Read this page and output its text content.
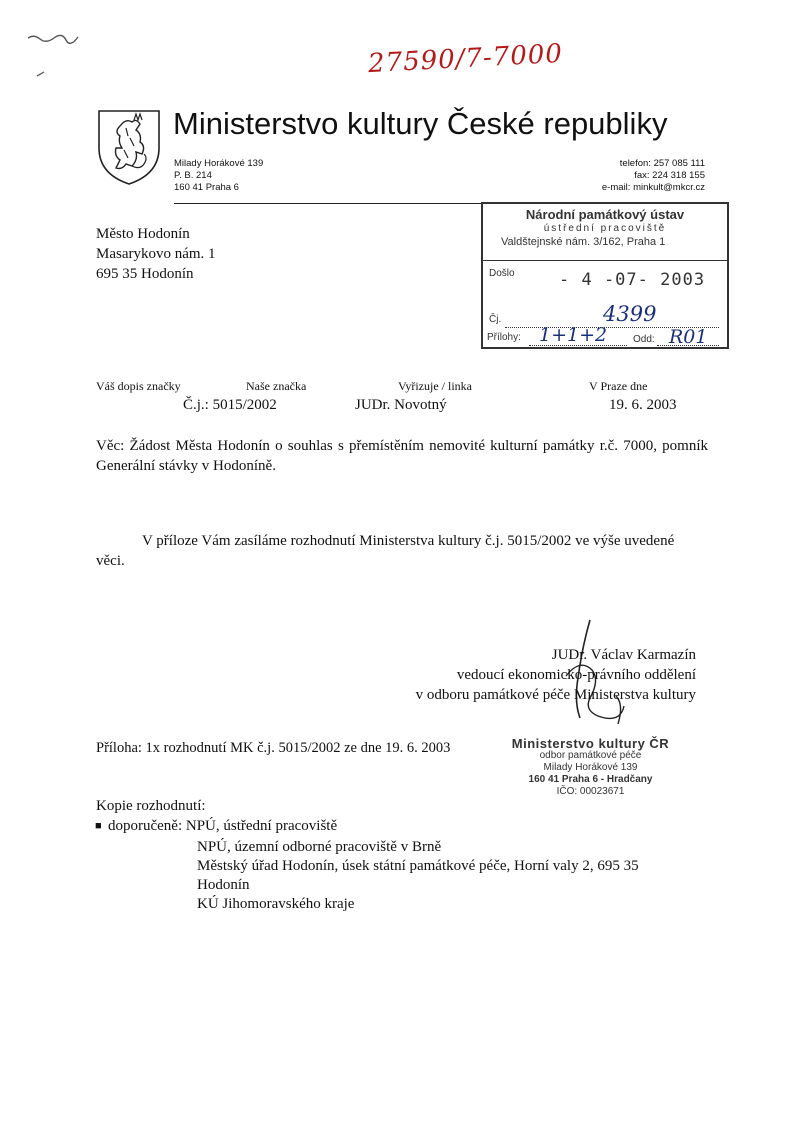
27590/7-7000
Ministerstvo kultury České republiky
Milady Horákové 139
P. B. 214
160 41 Praha 6
telefon: 257 085 111
fax: 224 318 155
e-mail: minkult@mkcr.cz
Město Hodonín
Masarykovo nám. 1
695 35 Hodonín
Národní památkový ústav
ústřední pracoviště
Valdštejnské nám. 3/162, Praha 1
Došlo	- 4 -07- 2003
Čj.	4399
Přílohy: 1+1+2	Odd: R01
Váš dopis značky	Naše značka	Vyřizuje / linka	V Praze dne
Č.j.: 5015/2002	JUDr. Novotný	19. 6. 2003
Věc: Žádost Města Hodonín o souhlas s přemístěním nemovité kulturní památky r.č. 7000, pomník Generální stávky v Hodoníně.
V příloze Vám zasíláme rozhodnutí Ministerstva kultury č.j. 5015/2002 ve výše uvedené věci.
JUDr. Václav Karmazín
vedoucí ekonomicko-právního oddělení
v odboru památkové péče Ministerstva kultury
Příloha: 1x rozhodnutí MK č.j. 5015/2002 ze dne 19. 6. 2003	Ministerstvo kultury ČR
odbor památkové péče
Milady Horákové 139
160 41 Praha 6 - Hradčany
IČO: 00023671
Kopie rozhodnutí:
■ doporučeně: NPÚ, ústřední pracoviště
NPÚ, územní odborné pracoviště v Brně
Městský úřad Hodonín, úsek státní památkové péče, Horní valy 2, 695 35
Hodonín
KÚ Jihomoravského kraje
